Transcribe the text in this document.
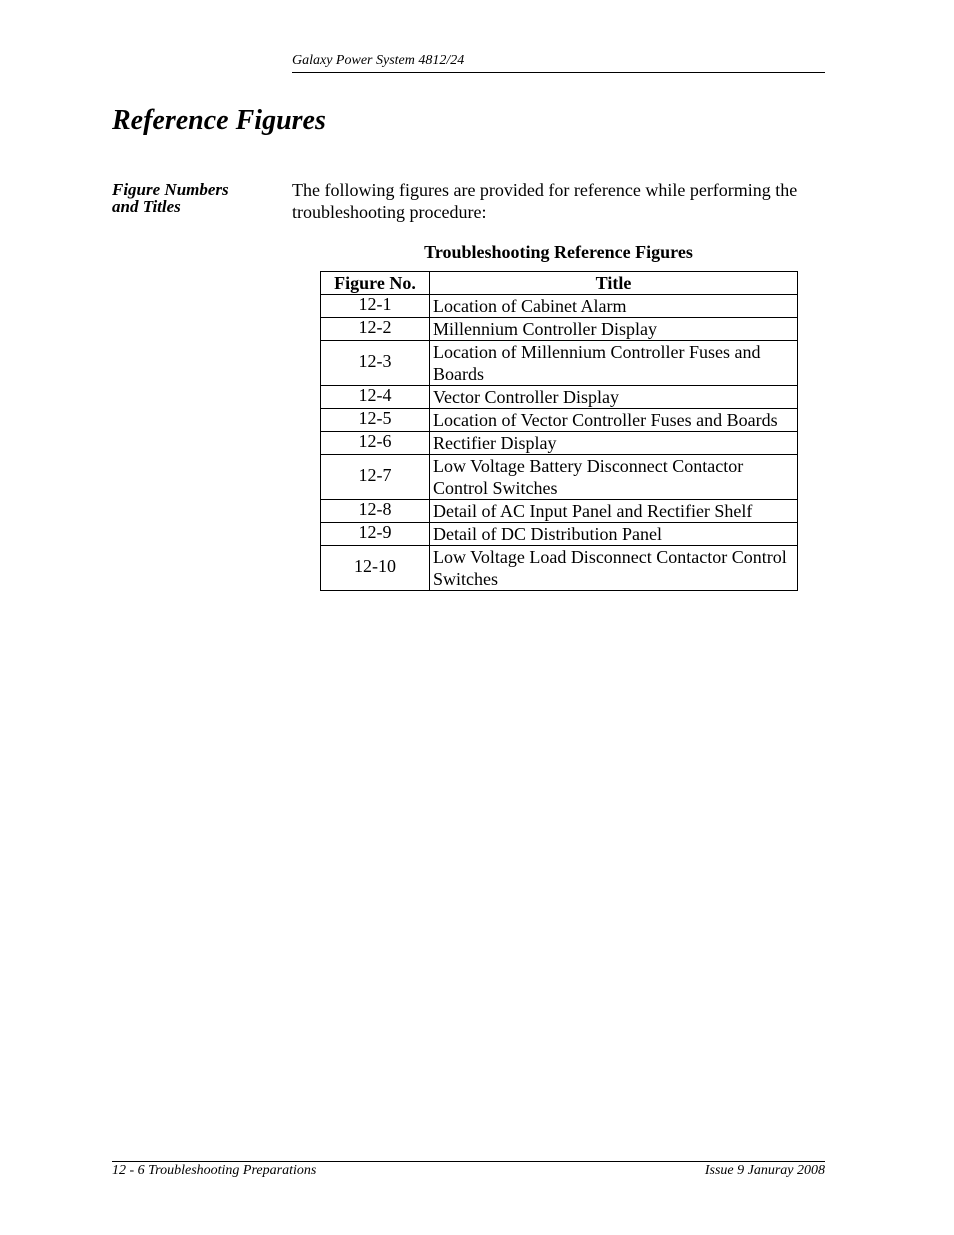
Galaxy Power System 4812/24
Reference Figures
Figure Numbers
and Titles
The following figures are provided for reference while performing the troubleshooting procedure:
Troubleshooting Reference Figures
Figure No.	Title
12-1	Location of Cabinet Alarm
12-2	Millennium Controller Display
12-3	Location of Millennium Controller Fuses and Boards
12-4	Vector Controller Display
12-5	Location of Vector Controller Fuses and Boards
12-6	Rectifier Display
12-7	Low Voltage Battery Disconnect Contactor Control Switches
12-8	Detail of AC Input Panel and Rectifier Shelf
12-9	Detail of DC Distribution Panel
12-10	Low Voltage Load Disconnect Contactor Control Switches
12 - 6 Troubleshooting Preparations	Issue 9 Januray 2008
